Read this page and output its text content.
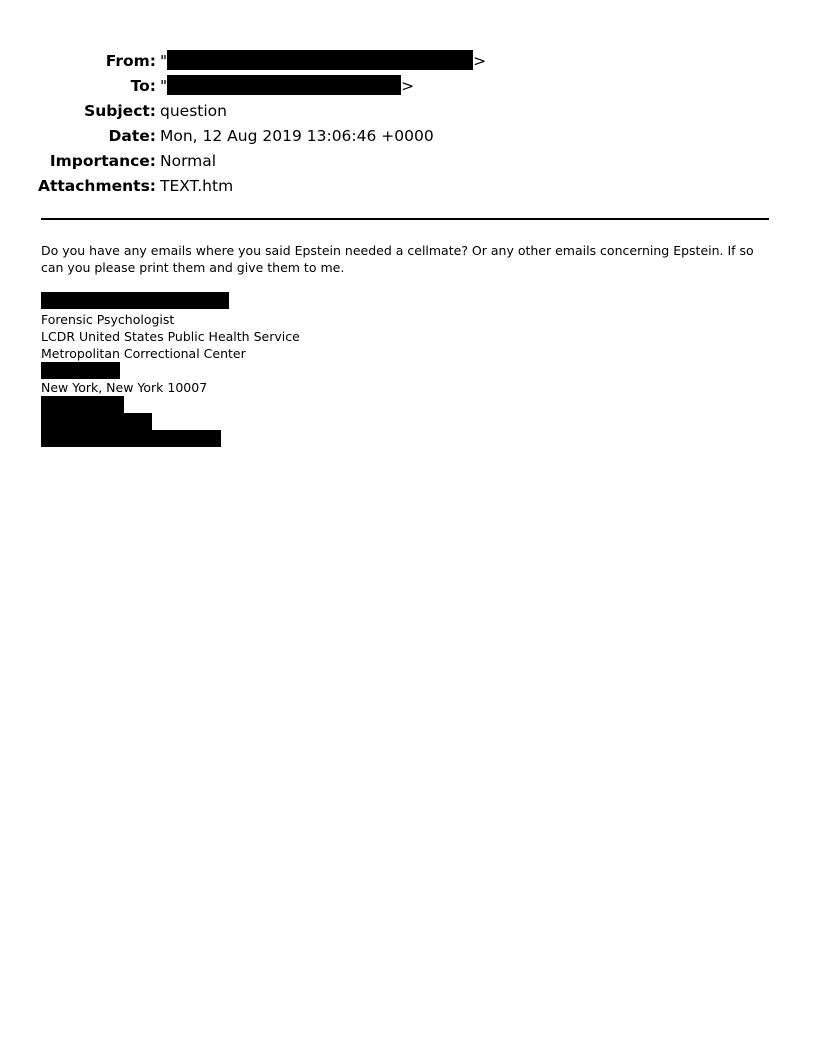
From: "	>
To: "	>
Subject: question
Date: Mon, 12 Aug 2019 13:06:46 +0000
Importance: Normal
Attachments: TEXT.htm
Do you have any emails where you said Epstein needed a cellmate? Or any other emails concerning Epstein. If so can you please print them and give them to me.
Forensic Psychologist
LCDR United States Public Health Service
Metropolitan Correctional Center
New York, New York 10007
